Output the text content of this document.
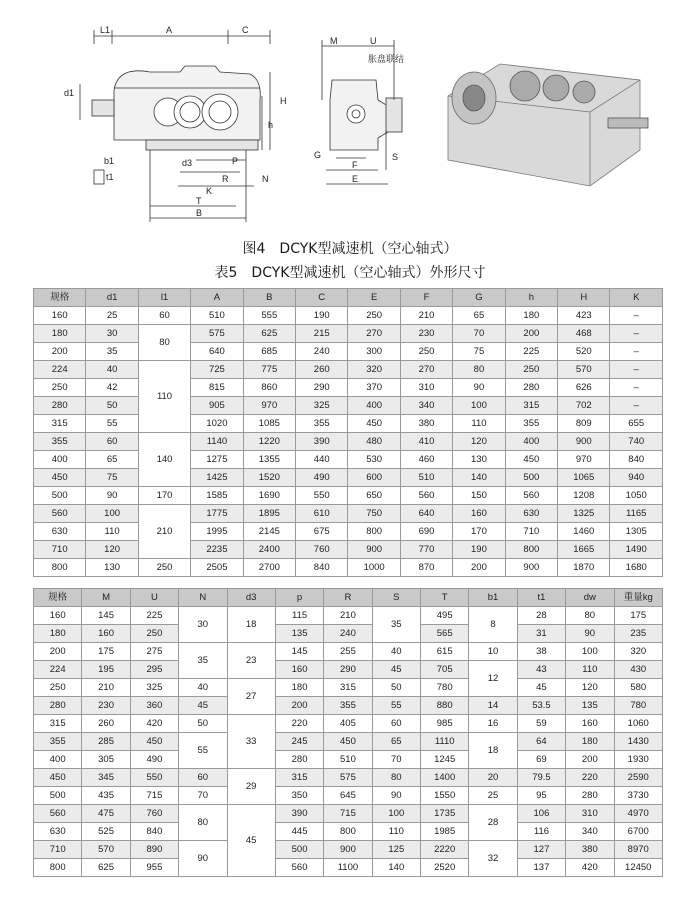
L1	A	C
d1
H
h
b1
t1
d3	P
R	N
K
T
B
M	U
胀盘联结
G
F
E
S
图4　DCYK型减速机（空心轴式）
表5　DCYK型减速机（空心轴式）外形尺寸
规格	d1	l1	A	B	C	E	F	G	h	H	K
160	25	60	510	555	190	250	210	65	180	423	–
180	30	80	575	625	215	270	230	70	200	468	–
200	35		640	685	240	300	250	75	225	520	–
224	40	110	725	775	260	320	270	80	250	570	–
250	42		815	860	290	370	310	90	280	626	–
280	50		905	970	325	400	340	100	315	702	–
315	55		1020	1085	355	450	380	110	355	809	655
355	60	140	1140	1220	390	480	410	120	400	900	740
400	65		1275	1355	440	530	460	130	450	970	840
450	75		1425	1520	490	600	510	140	500	1065	940
500	90	170	1585	1690	550	650	560	150	560	1208	1050
560	100	210	1775	1895	610	750	640	160	630	1325	1165
630	110		1995	2145	675	800	690	170	710	1460	1305
710	120		2235	2400	760	900	770	190	800	1665	1490
800	130	250	2505	2700	840	1000	870	200	900	1870	1680
规格	M	U	N	d3	p	R	S	T	b1	t1	dw	重量kg
160	145	225	30	18	115	210	35	495	8	28	80	175
180	160	250			135	240		565		31	90	235
200	175	275	35	23	145	255	40	615	10	38	100	320
224	195	295			160	290	45	705	12	43	110	430
250	210	325	40	27	180	315	50	780		45	120	580
280	230	360	45		200	355	55	880	14	53.5	135	780
315	260	420	50	33	220	405	60	985	16	59	160	1060
355	285	450	55		245	450	65	1110	18	64	180	1430
400	305	490			280	510	70	1245		69	200	1930
450	345	550	60	29	315	575	80	1400	20	79.5	220	2590
500	435	715	70		350	645	90	1550	25	95	280	3730
560	475	760	80	45	390	715	100	1735	28	106	310	4970
630	525	840			445	800	110	1985		116	340	6700
710	570	890	90		500	900	125	2220	32	127	380	8970
800	625	955			560	1100	140	2520		137	420	12450
